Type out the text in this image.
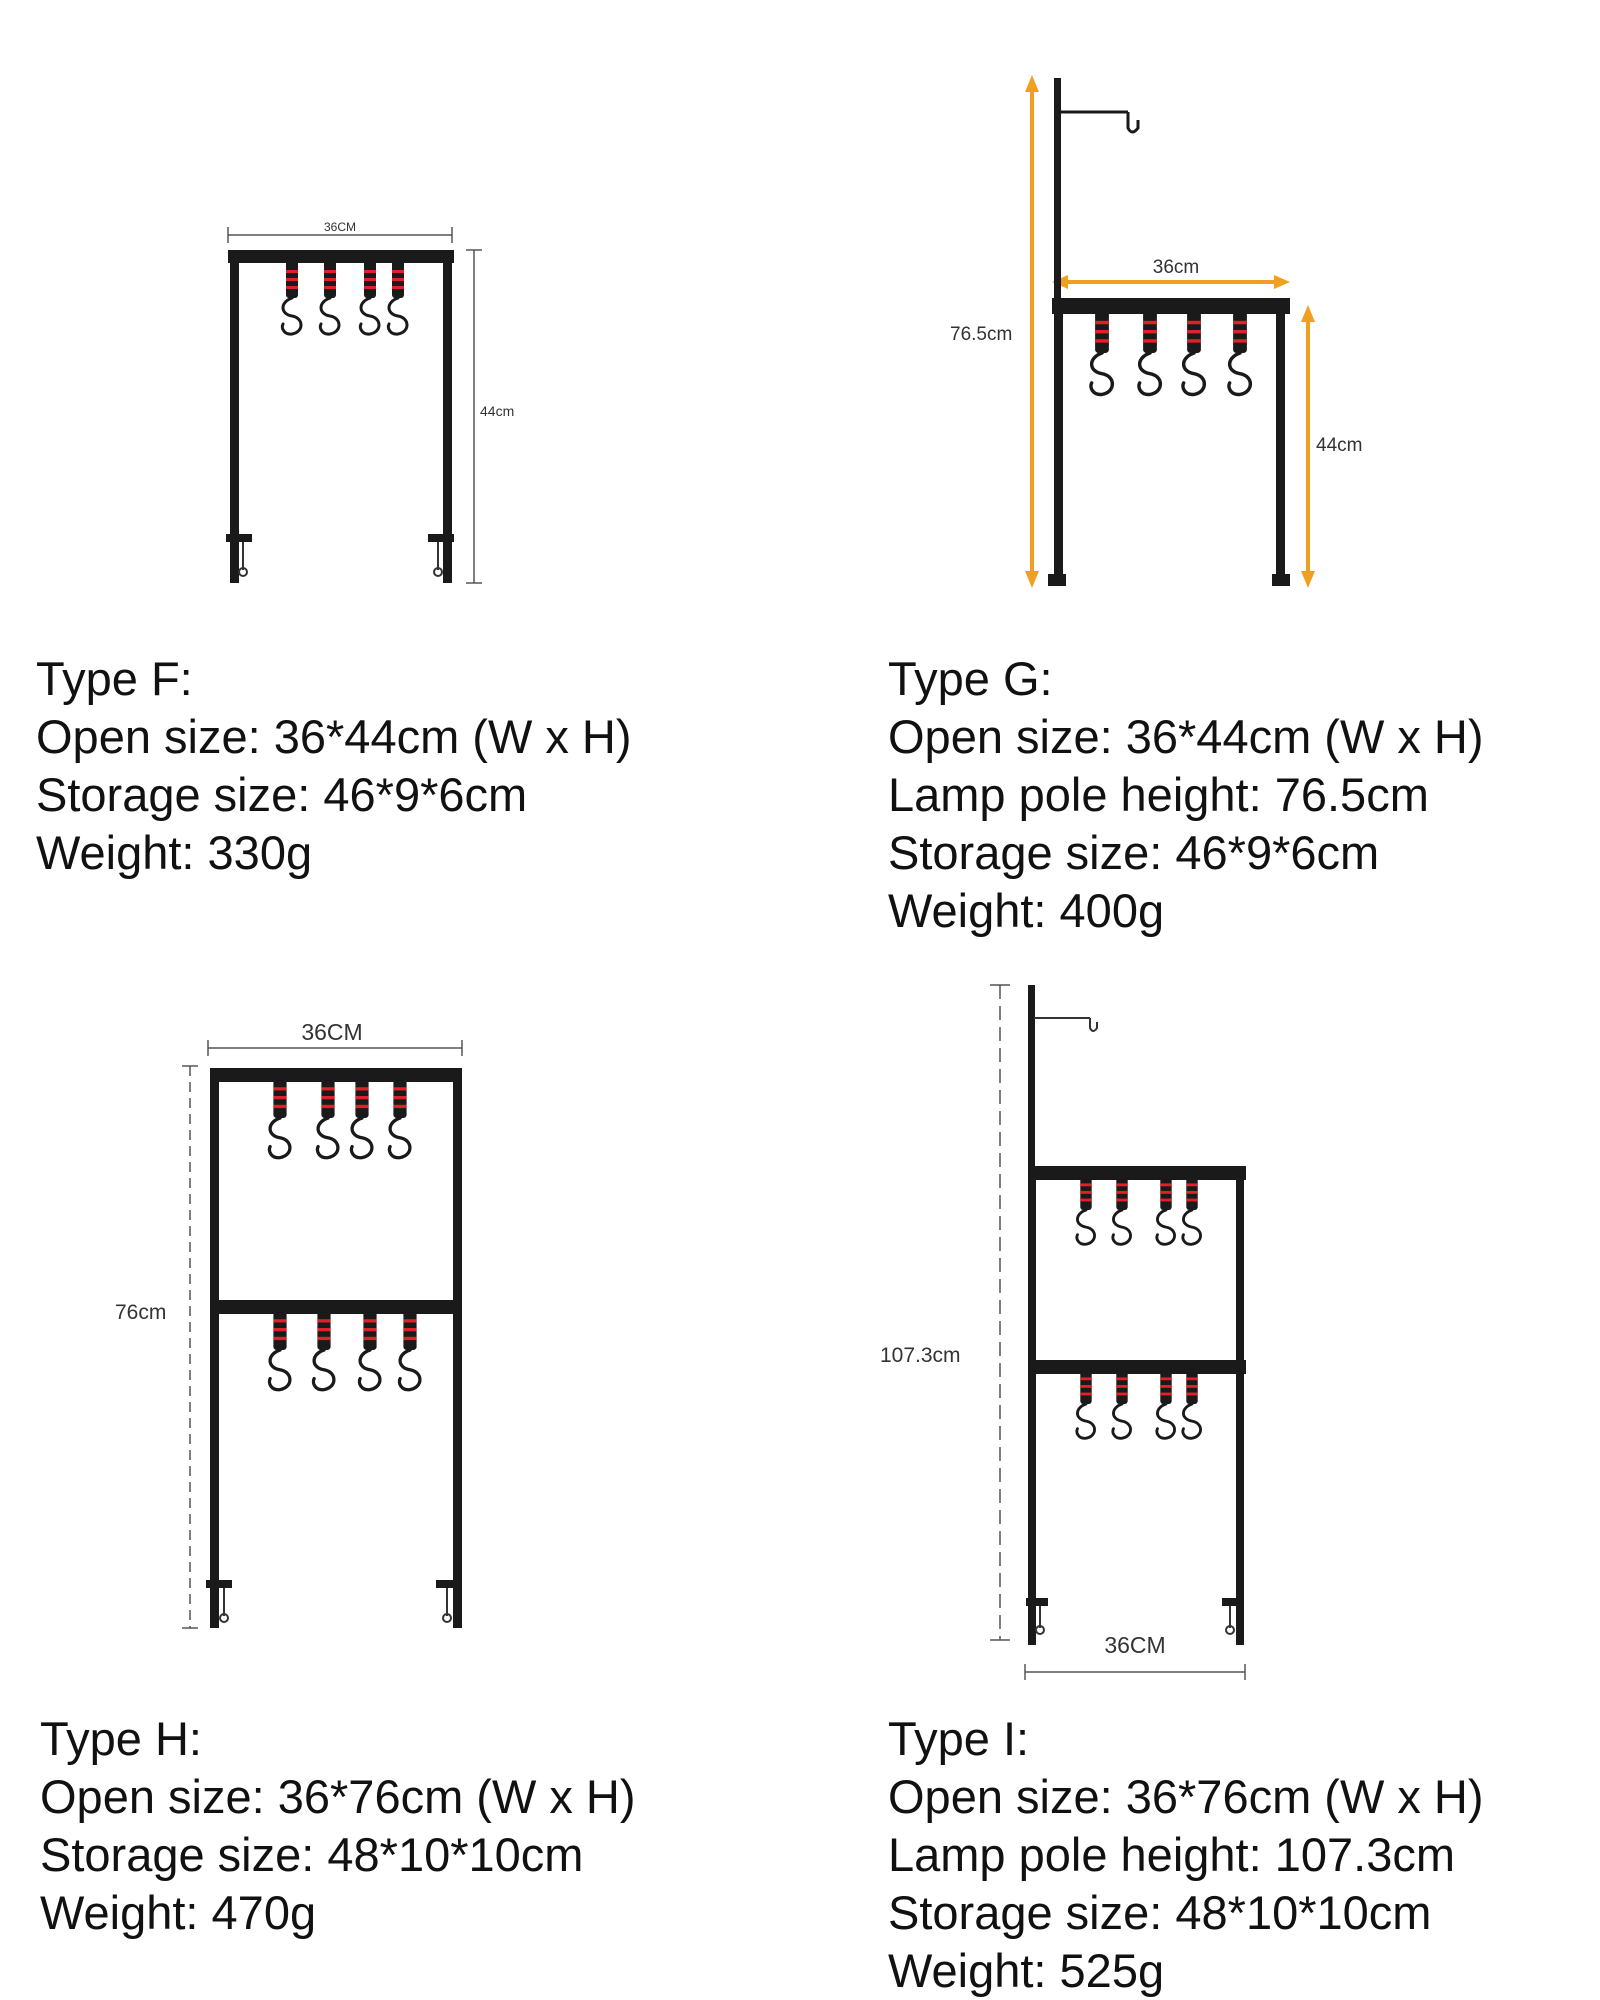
36CM
44cm
Type F:
Open size: 36*44cm (W x H)
Storage size: 46*9*6cm
Weight: 330g
76.5cm
36cm
44cm
Type G:
Open size: 36*44cm (W x H)
Lamp pole height: 76.5cm
Storage size: 46*9*6cm
Weight: 400g
36CM
76cm
Type H:
Open size: 36*76cm (W x H)
Storage size: 48*10*10cm
Weight: 470g
107.3cm
36CM
Type I:
Open size: 36*76cm (W x H)
Lamp pole height: 107.3cm
Storage size: 48*10*10cm
Weight: 525g
